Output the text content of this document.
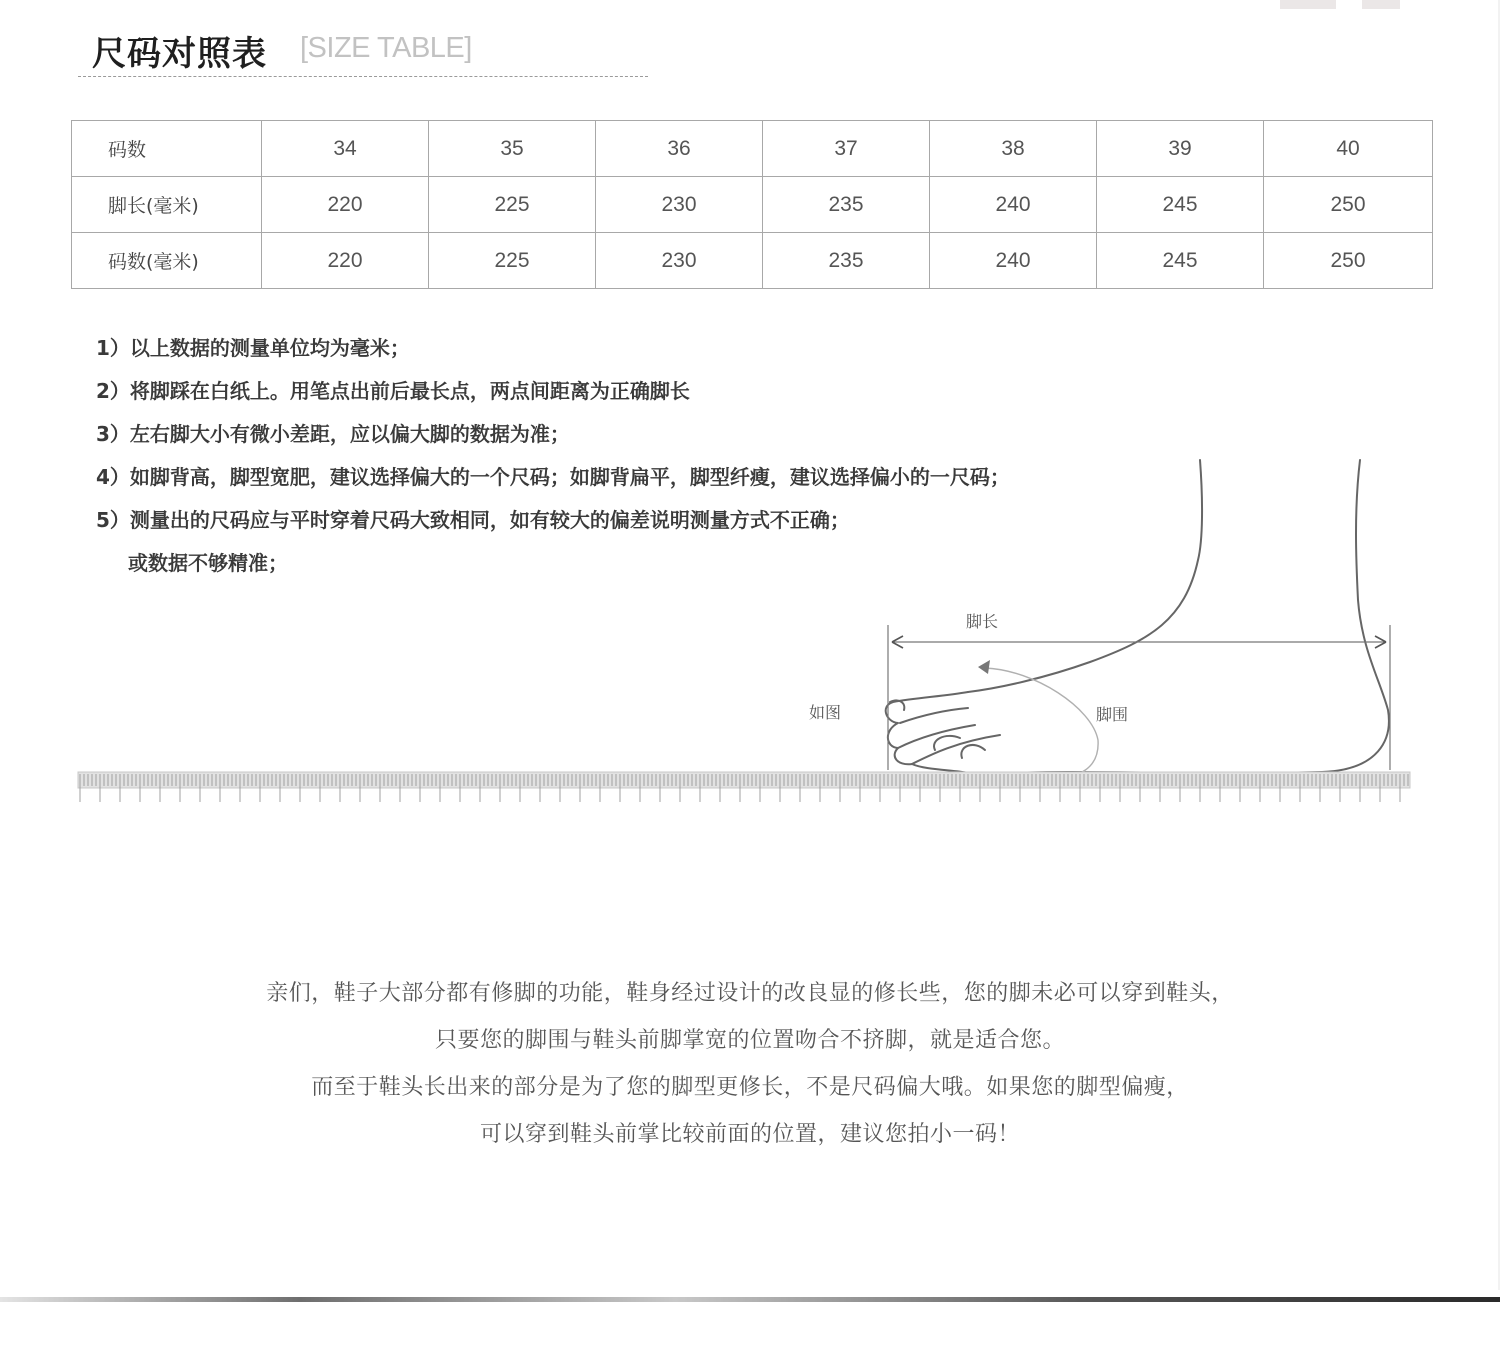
尺码对照表 [SIZE TABLE]
码数	34	35	36	37	38	39	40
脚长(毫米)	220	225	230	235	240	245	250
码数(毫米)	220	225	230	235	240	245	250
1）以上数据的测量单位均为毫米；
2）将脚踩在白纸上。用笔点出前后最长点，两点间距离为正确脚长
3）左右脚大小有微小差距，应以偏大脚的数据为准；
4）如脚背高，脚型宽肥，建议选择偏大的一个尺码；如脚背扁平，脚型纤瘦，建议选择偏小的一尺码；
5）测量出的尺码应与平时穿着尺码大致相同，如有较大的偏差说明测量方式不正确；
或数据不够精准；
脚长
如图	脚围

亲们，鞋子大部分都有修脚的功能，鞋身经过设计的改良显的修长些，您的脚未必可以穿到鞋头，

只要您的脚围与鞋头前脚掌宽的位置吻合不挤脚，就是适合您。

而至于鞋头长出来的部分是为了您的脚型更修长，不是尺码偏大哦。如果您的脚型偏瘦，

可以穿到鞋头前掌比较前面的位置，建议您拍小一码！
